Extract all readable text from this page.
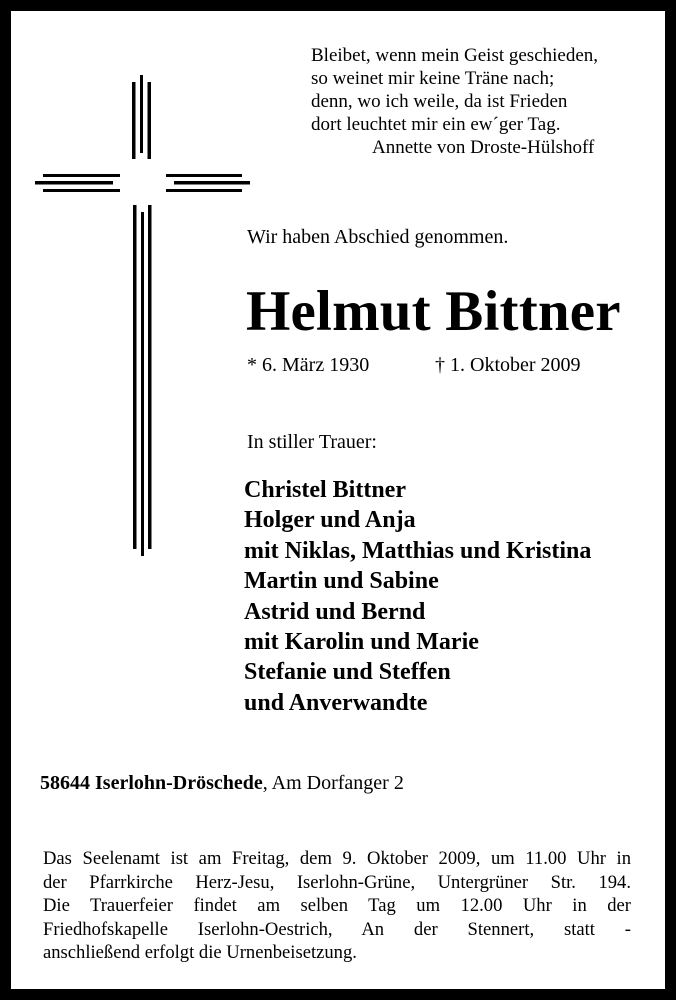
Bleibet, wenn mein Geist geschieden,
so weinet mir keine Träne nach;
denn, wo ich weile, da ist Frieden
dort leuchtet mir ein ew´ger Tag.
Annette von Droste-Hülshoff
Wir haben Abschied genommen.
Helmut Bittner
* 6. März 1930	† 1. Oktober 2009
In stiller Trauer:
Christel Bittner
Holger und Anja
mit Niklas, Matthias und Kristina
Martin und Sabine
Astrid und Bernd
mit Karolin und Marie
Stefanie und Steffen
und Anverwandte
58644 Iserlohn-Dröschede, Am Dorfanger 2
Das Seelenamt ist am Freitag, dem 9. Oktober 2009, um 11.00 Uhr in
der Pfarrkirche Herz-Jesu, Iserlohn-Grüne, Untergrüner Str. 194.
Die Trauerfeier findet am selben Tag um 12.00 Uhr in der
Friedhofskapelle Iserlohn-Oestrich, An der Stennert, statt -
anschließend erfolgt die Urnenbeisetzung.
